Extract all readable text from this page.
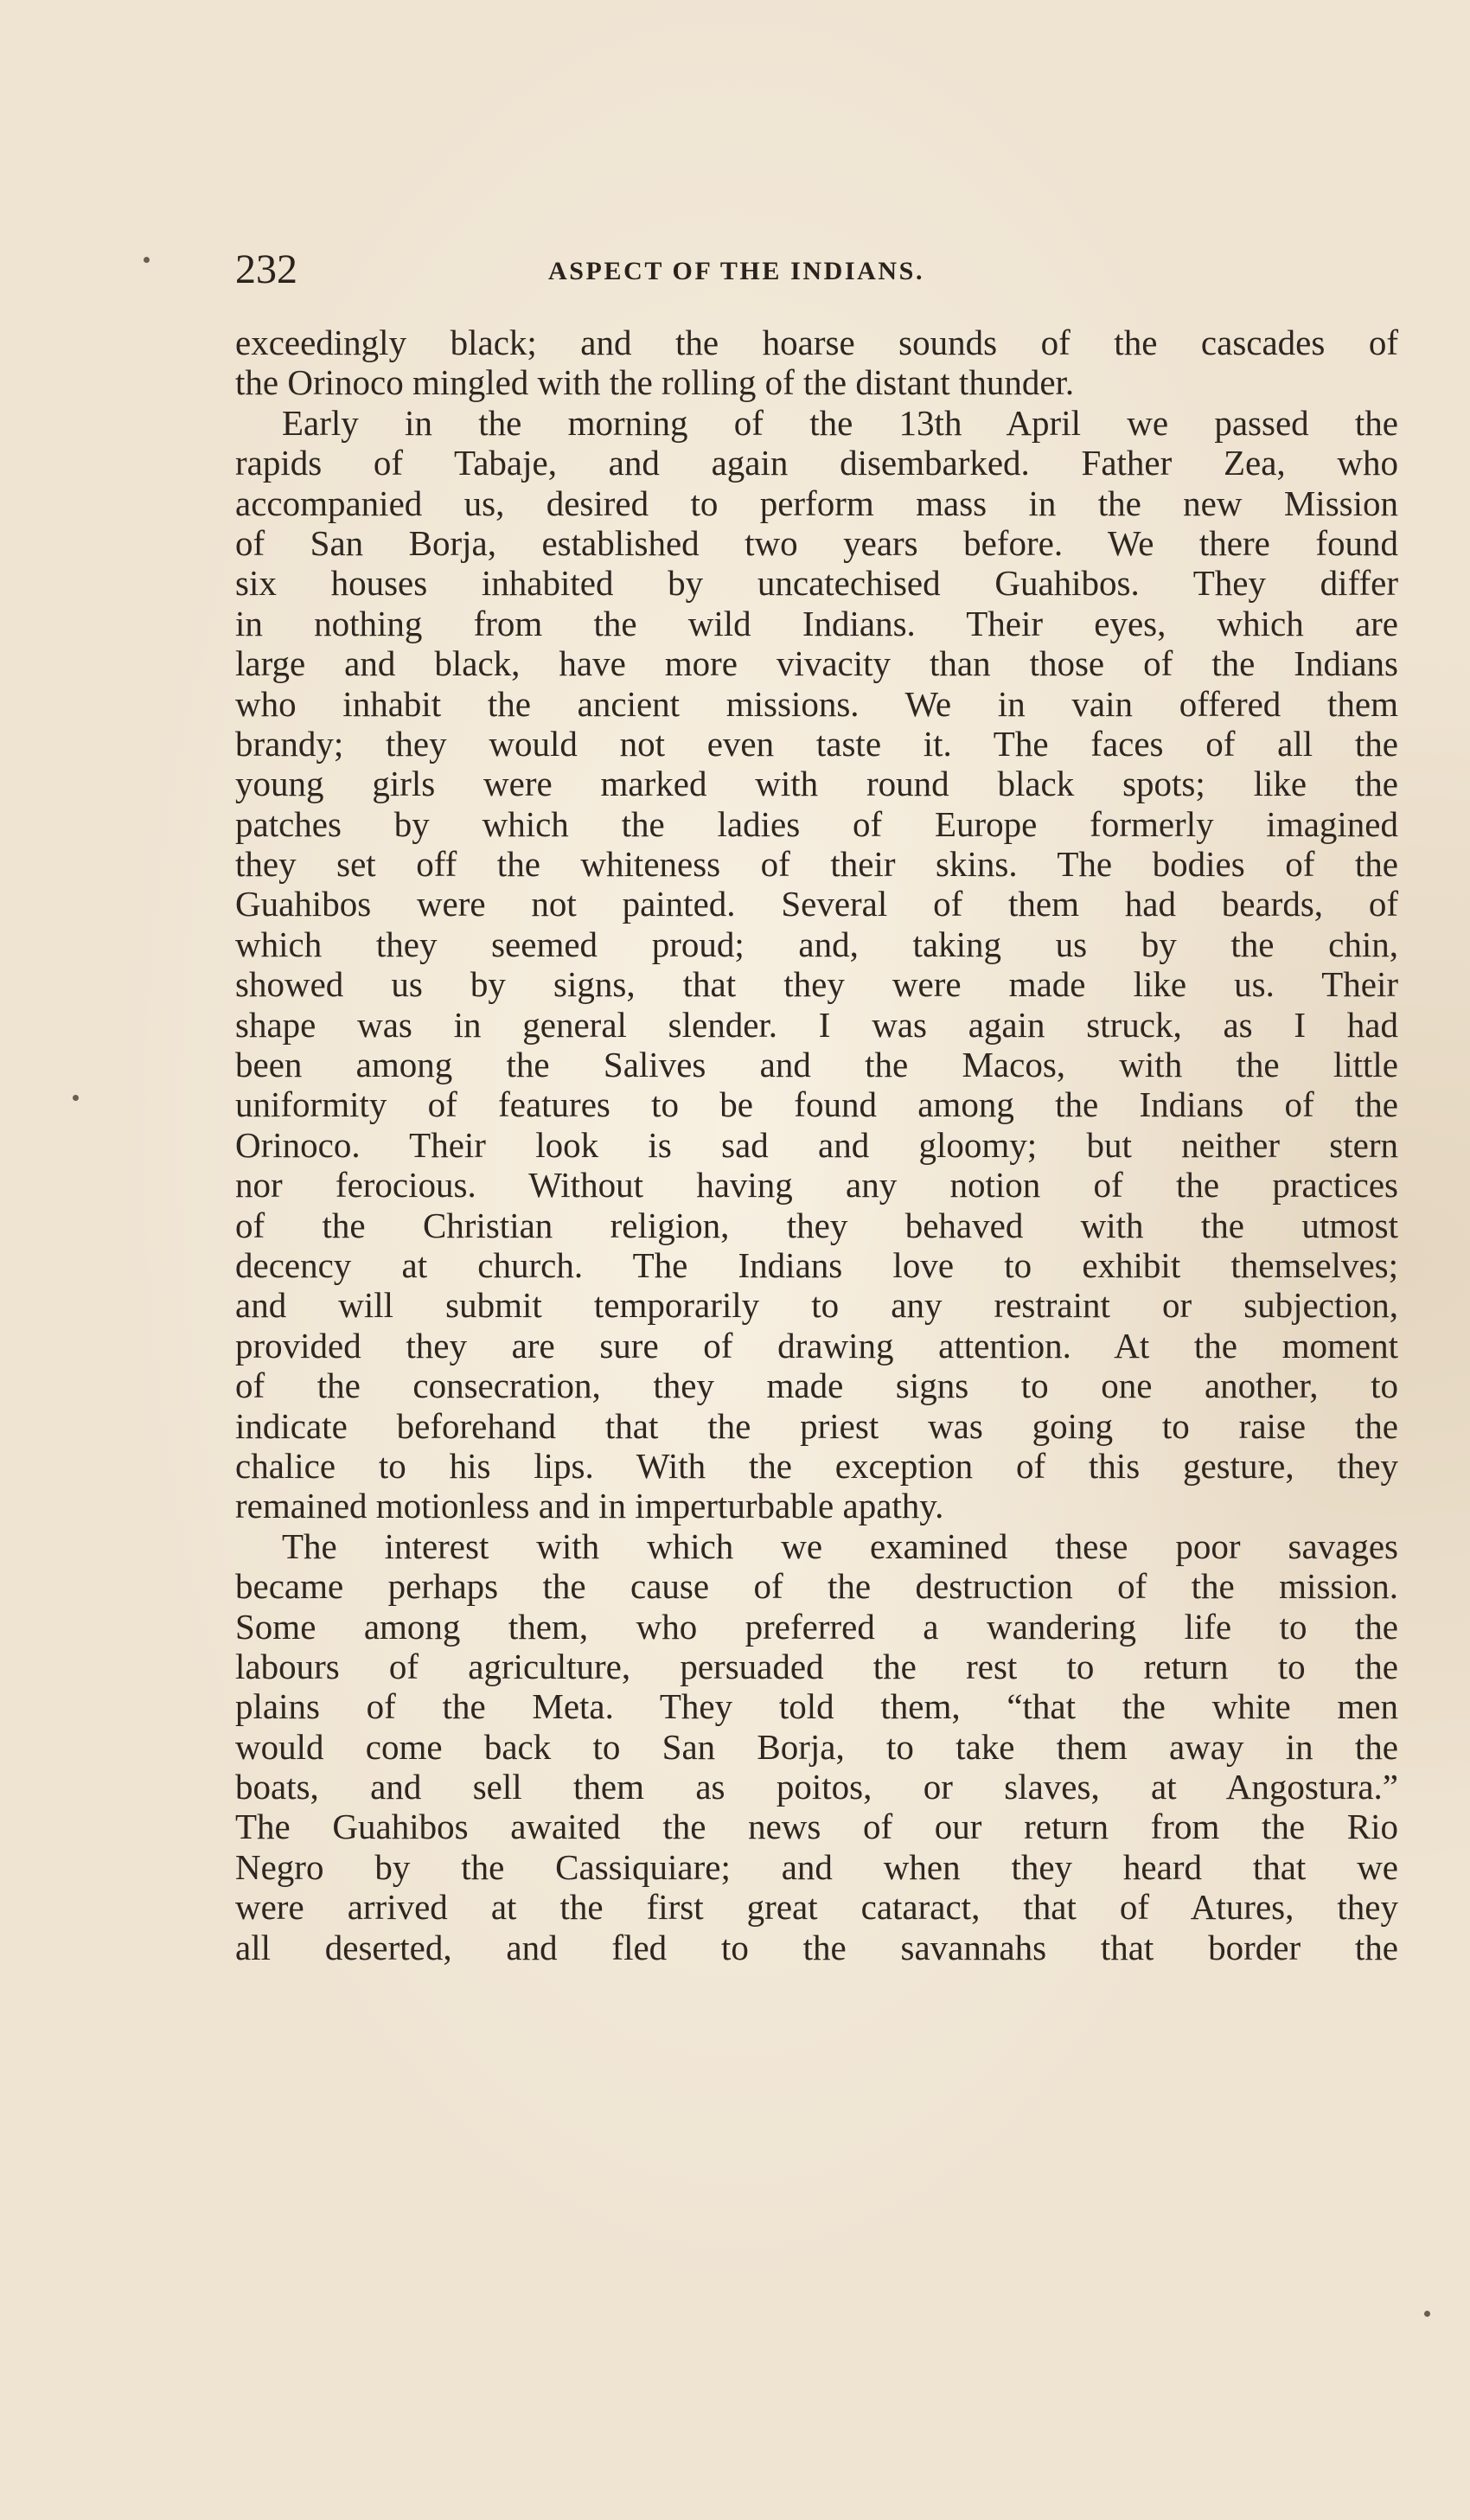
232	ASPECT OF THE INDIANS.
exceedingly black; and the hoarse sounds of the cascades of
the Orinoco mingled with the rolling of the distant thunder.
Early in the morning of the 13th April we passed the
rapids of Tabaje, and again disembarked. Father Zea, who
accompanied us, desired to perform mass in the new Mission
of San Borja, established two years before. We there found
six houses inhabited by uncatechised Guahibos. They differ
in nothing from the wild Indians. Their eyes, which are
large and black, have more vivacity than those of the Indians
who inhabit the ancient missions. We in vain offered them
brandy; they would not even taste it. The faces of all the
young girls were marked with round black spots; like the
patches by which the ladies of Europe formerly imagined
they set off the whiteness of their skins. The bodies of the
Guahibos were not painted. Several of them had beards, of
which they seemed proud; and, taking us by the chin,
showed us by signs, that they were made like us. Their
shape was in general slender. I was again struck, as I had
been among the Salives and the Macos, with the little
uniformity of features to be found among the Indians of the
Orinoco. Their look is sad and gloomy; but neither stern
nor ferocious. Without having any notion of the practices
of the Christian religion, they behaved with the utmost
decency at church. The Indians love to exhibit themselves;
and will submit temporarily to any restraint or subjection,
provided they are sure of drawing attention. At the moment
of the consecration, they made signs to one another, to
indicate beforehand that the priest was going to raise the
chalice to his lips. With the exception of this gesture, they
remained motionless and in imperturbable apathy.
The interest with which we examined these poor savages
became perhaps the cause of the destruction of the mission.
Some among them, who preferred a wandering life to the
labours of agriculture, persuaded the rest to return to the
plains of the Meta. They told them, “that the white men
would come back to San Borja, to take them away in the
boats, and sell them as poitos, or slaves, at Angostura.”
The Guahibos awaited the news of our return from the Rio
Negro by the Cassiquiare; and when they heard that we
were arrived at the first great cataract, that of Atures, they
all deserted, and fled to the savannahs that border the
